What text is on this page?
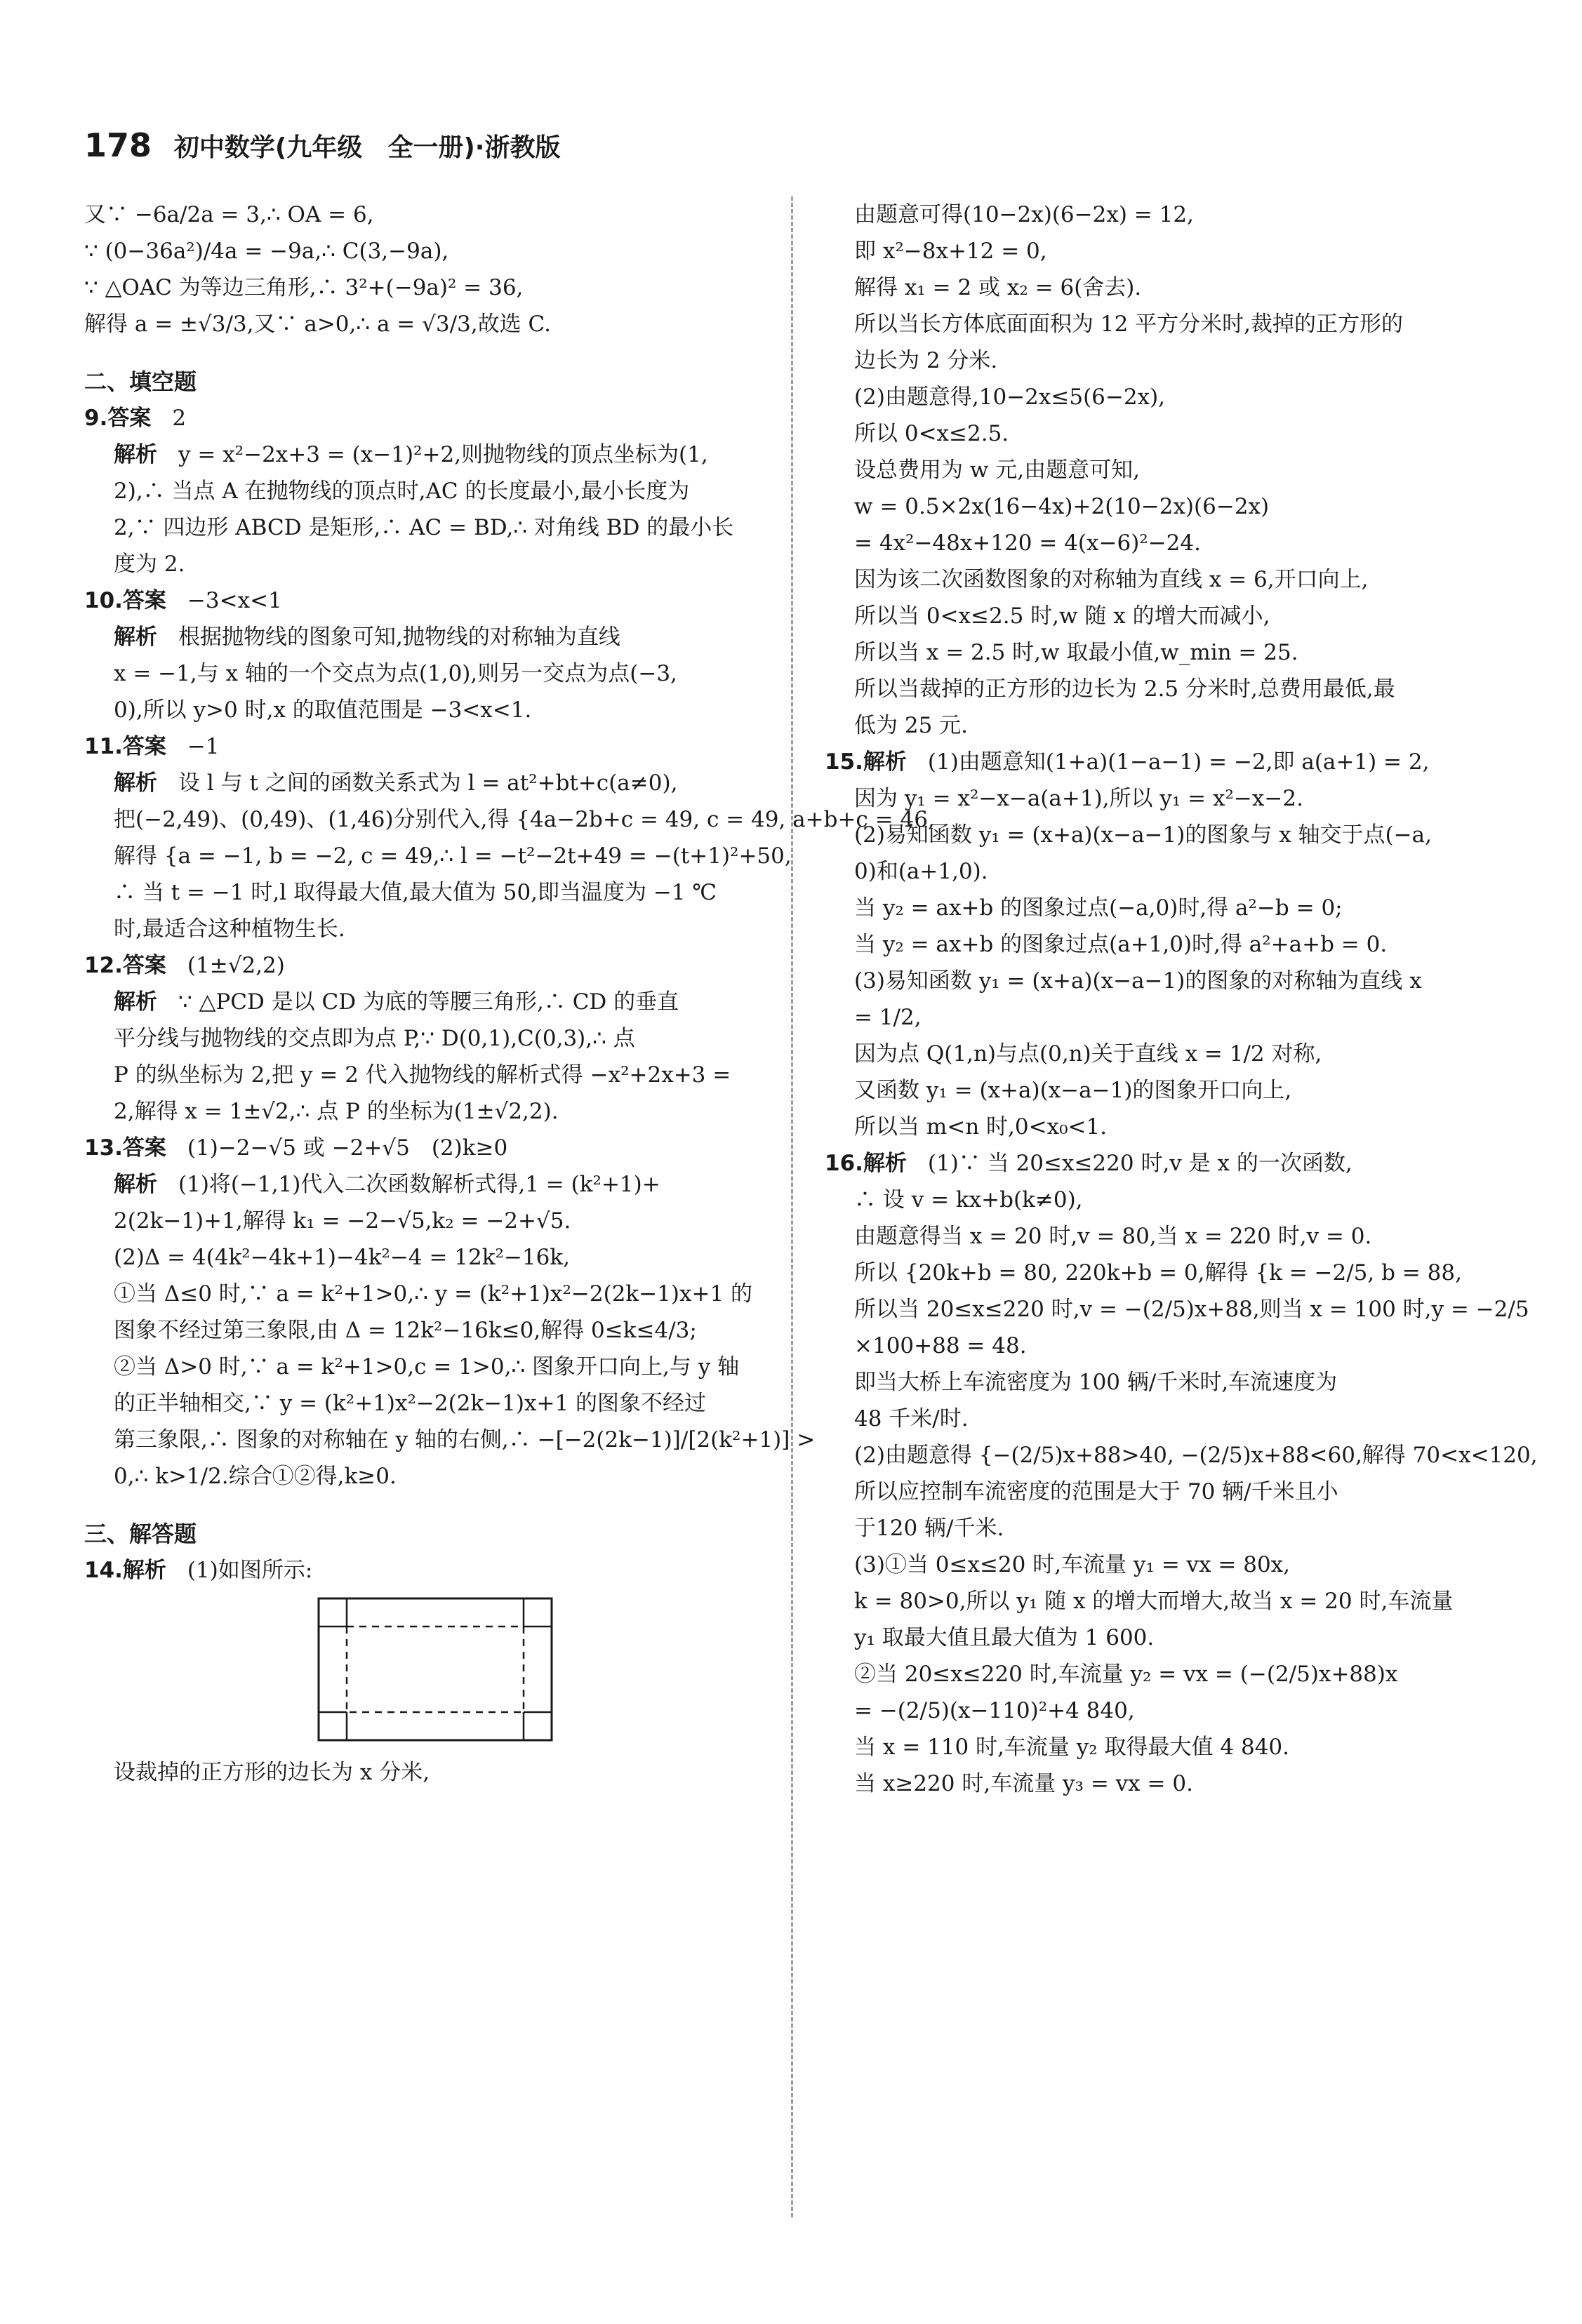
178 初中数学(九年级　全一册)·浙教版
又∵ −6a/2a = 3,∴ OA = 6,
∵ (0−36a²)/4a = −9a,∴ C(3,−9a),
∵ △OAC 为等边三角形,∴ 3²+(−9a)² = 36,
解得 a = ±√3/3,又∵ a>0,∴ a = √3/3,故选 C.
二、填空题
9.答案 2
解析 y = x²−2x+3 = (x−1)²+2,则抛物线的顶点坐标为(1,
2),∴ 当点 A 在抛物线的顶点时,AC 的长度最小,最小长度为
2,∵ 四边形 ABCD 是矩形,∴ AC = BD,∴ 对角线 BD 的最小长
度为 2.
10.答案 −3<x<1
解析 根据抛物线的图象可知,抛物线的对称轴为直线
x = −1,与 x 轴的一个交点为点(1,0),则另一交点为点(−3,
0),所以 y>0 时,x 的取值范围是 −3<x<1.
11.答案 −1
解析 设 l 与 t 之间的函数关系式为 l = at²+bt+c(a≠0),
把(−2,49)、(0,49)、(1,46)分别代入,得 {4a−2b+c = 49, c = 49, a+b+c = 46,
解得 {a = −1, b = −2, c = 49,∴ l = −t²−2t+49 = −(t+1)²+50,
∴ 当 t = −1 时,l 取得最大值,最大值为 50,即当温度为 −1 ℃
时,最适合这种植物生长.
12.答案 (1±√2,2)
解析 ∵ △PCD 是以 CD 为底的等腰三角形,∴ CD 的垂直
平分线与抛物线的交点即为点 P,∵ D(0,1),C(0,3),∴ 点
P 的纵坐标为 2,把 y = 2 代入抛物线的解析式得 −x²+2x+3 =
2,解得 x = 1±√2,∴ 点 P 的坐标为(1±√2,2).
13.答案 (1)−2−√5 或 −2+√5　(2)k≥0
解析 (1)将(−1,1)代入二次函数解析式得,1 = (k²+1)+
2(2k−1)+1,解得 k₁ = −2−√5,k₂ = −2+√5.
(2)Δ = 4(4k²−4k+1)−4k²−4 = 12k²−16k,
①当 Δ≤0 时,∵ a = k²+1>0,∴ y = (k²+1)x²−2(2k−1)x+1 的
图象不经过第三象限,由 Δ = 12k²−16k≤0,解得 0≤k≤4/3;
②当 Δ>0 时,∵ a = k²+1>0,c = 1>0,∴ 图象开口向上,与 y 轴
的正半轴相交,∵ y = (k²+1)x²−2(2k−1)x+1 的图象不经过
第三象限,∴ 图象的对称轴在 y 轴的右侧,∴ −[−2(2k−1)]/[2(k²+1)] >
0,∴ k>1/2.综合①②得,k≥0.
三、解答题
14.解析 (1)如图所示:
设裁掉的正方形的边长为 x 分米,
由题意可得(10−2x)(6−2x) = 12,
即 x²−8x+12 = 0,
解得 x₁ = 2 或 x₂ = 6(舍去).
所以当长方体底面面积为 12 平方分米时,裁掉的正方形的
边长为 2 分米.
(2)由题意得,10−2x≤5(6−2x),
所以 0<x≤2.5.
设总费用为 w 元,由题意可知,
w = 0.5×2x(16−4x)+2(10−2x)(6−2x)
= 4x²−48x+120 = 4(x−6)²−24.
因为该二次函数图象的对称轴为直线 x = 6,开口向上,
所以当 0<x≤2.5 时,w 随 x 的增大而减小,
所以当 x = 2.5 时,w 取最小值,w_min = 25.
所以当裁掉的正方形的边长为 2.5 分米时,总费用最低,最
低为 25 元.
15.解析 (1)由题意知(1+a)(1−a−1) = −2,即 a(a+1) = 2,
因为 y₁ = x²−x−a(a+1),所以 y₁ = x²−x−2.
(2)易知函数 y₁ = (x+a)(x−a−1)的图象与 x 轴交于点(−a,
0)和(a+1,0).
当 y₂ = ax+b 的图象过点(−a,0)时,得 a²−b = 0;
当 y₂ = ax+b 的图象过点(a+1,0)时,得 a²+a+b = 0.
(3)易知函数 y₁ = (x+a)(x−a−1)的图象的对称轴为直线 x
= 1/2,
因为点 Q(1,n)与点(0,n)关于直线 x = 1/2 对称,
又函数 y₁ = (x+a)(x−a−1)的图象开口向上,
所以当 m<n 时,0<x₀<1.
16.解析 (1)∵ 当 20≤x≤220 时,v 是 x 的一次函数,
∴ 设 v = kx+b(k≠0),
由题意得当 x = 20 时,v = 80,当 x = 220 时,v = 0.
所以 {20k+b = 80, 220k+b = 0,解得 {k = −2/5, b = 88,
所以当 20≤x≤220 时,v = −(2/5)x+88,则当 x = 100 时,y = −2/5
×100+88 = 48.
即当大桥上车流密度为 100 辆/千米时,车流速度为
48 千米/时.
(2)由题意得 {−(2/5)x+88>40, −(2/5)x+88<60,解得 70<x<120,
所以应控制车流密度的范围是大于 70 辆/千米且小
于120 辆/千米.
(3)①当 0≤x≤20 时,车流量 y₁ = vx = 80x,
k = 80>0,所以 y₁ 随 x 的增大而增大,故当 x = 20 时,车流量
y₁ 取最大值且最大值为 1 600.
②当 20≤x≤220 时,车流量 y₂ = vx = (−(2/5)x+88)x
= −(2/5)(x−110)²+4 840,
当 x = 110 时,车流量 y₂ 取得最大值 4 840.
当 x≥220 时,车流量 y₃ = vx = 0.
